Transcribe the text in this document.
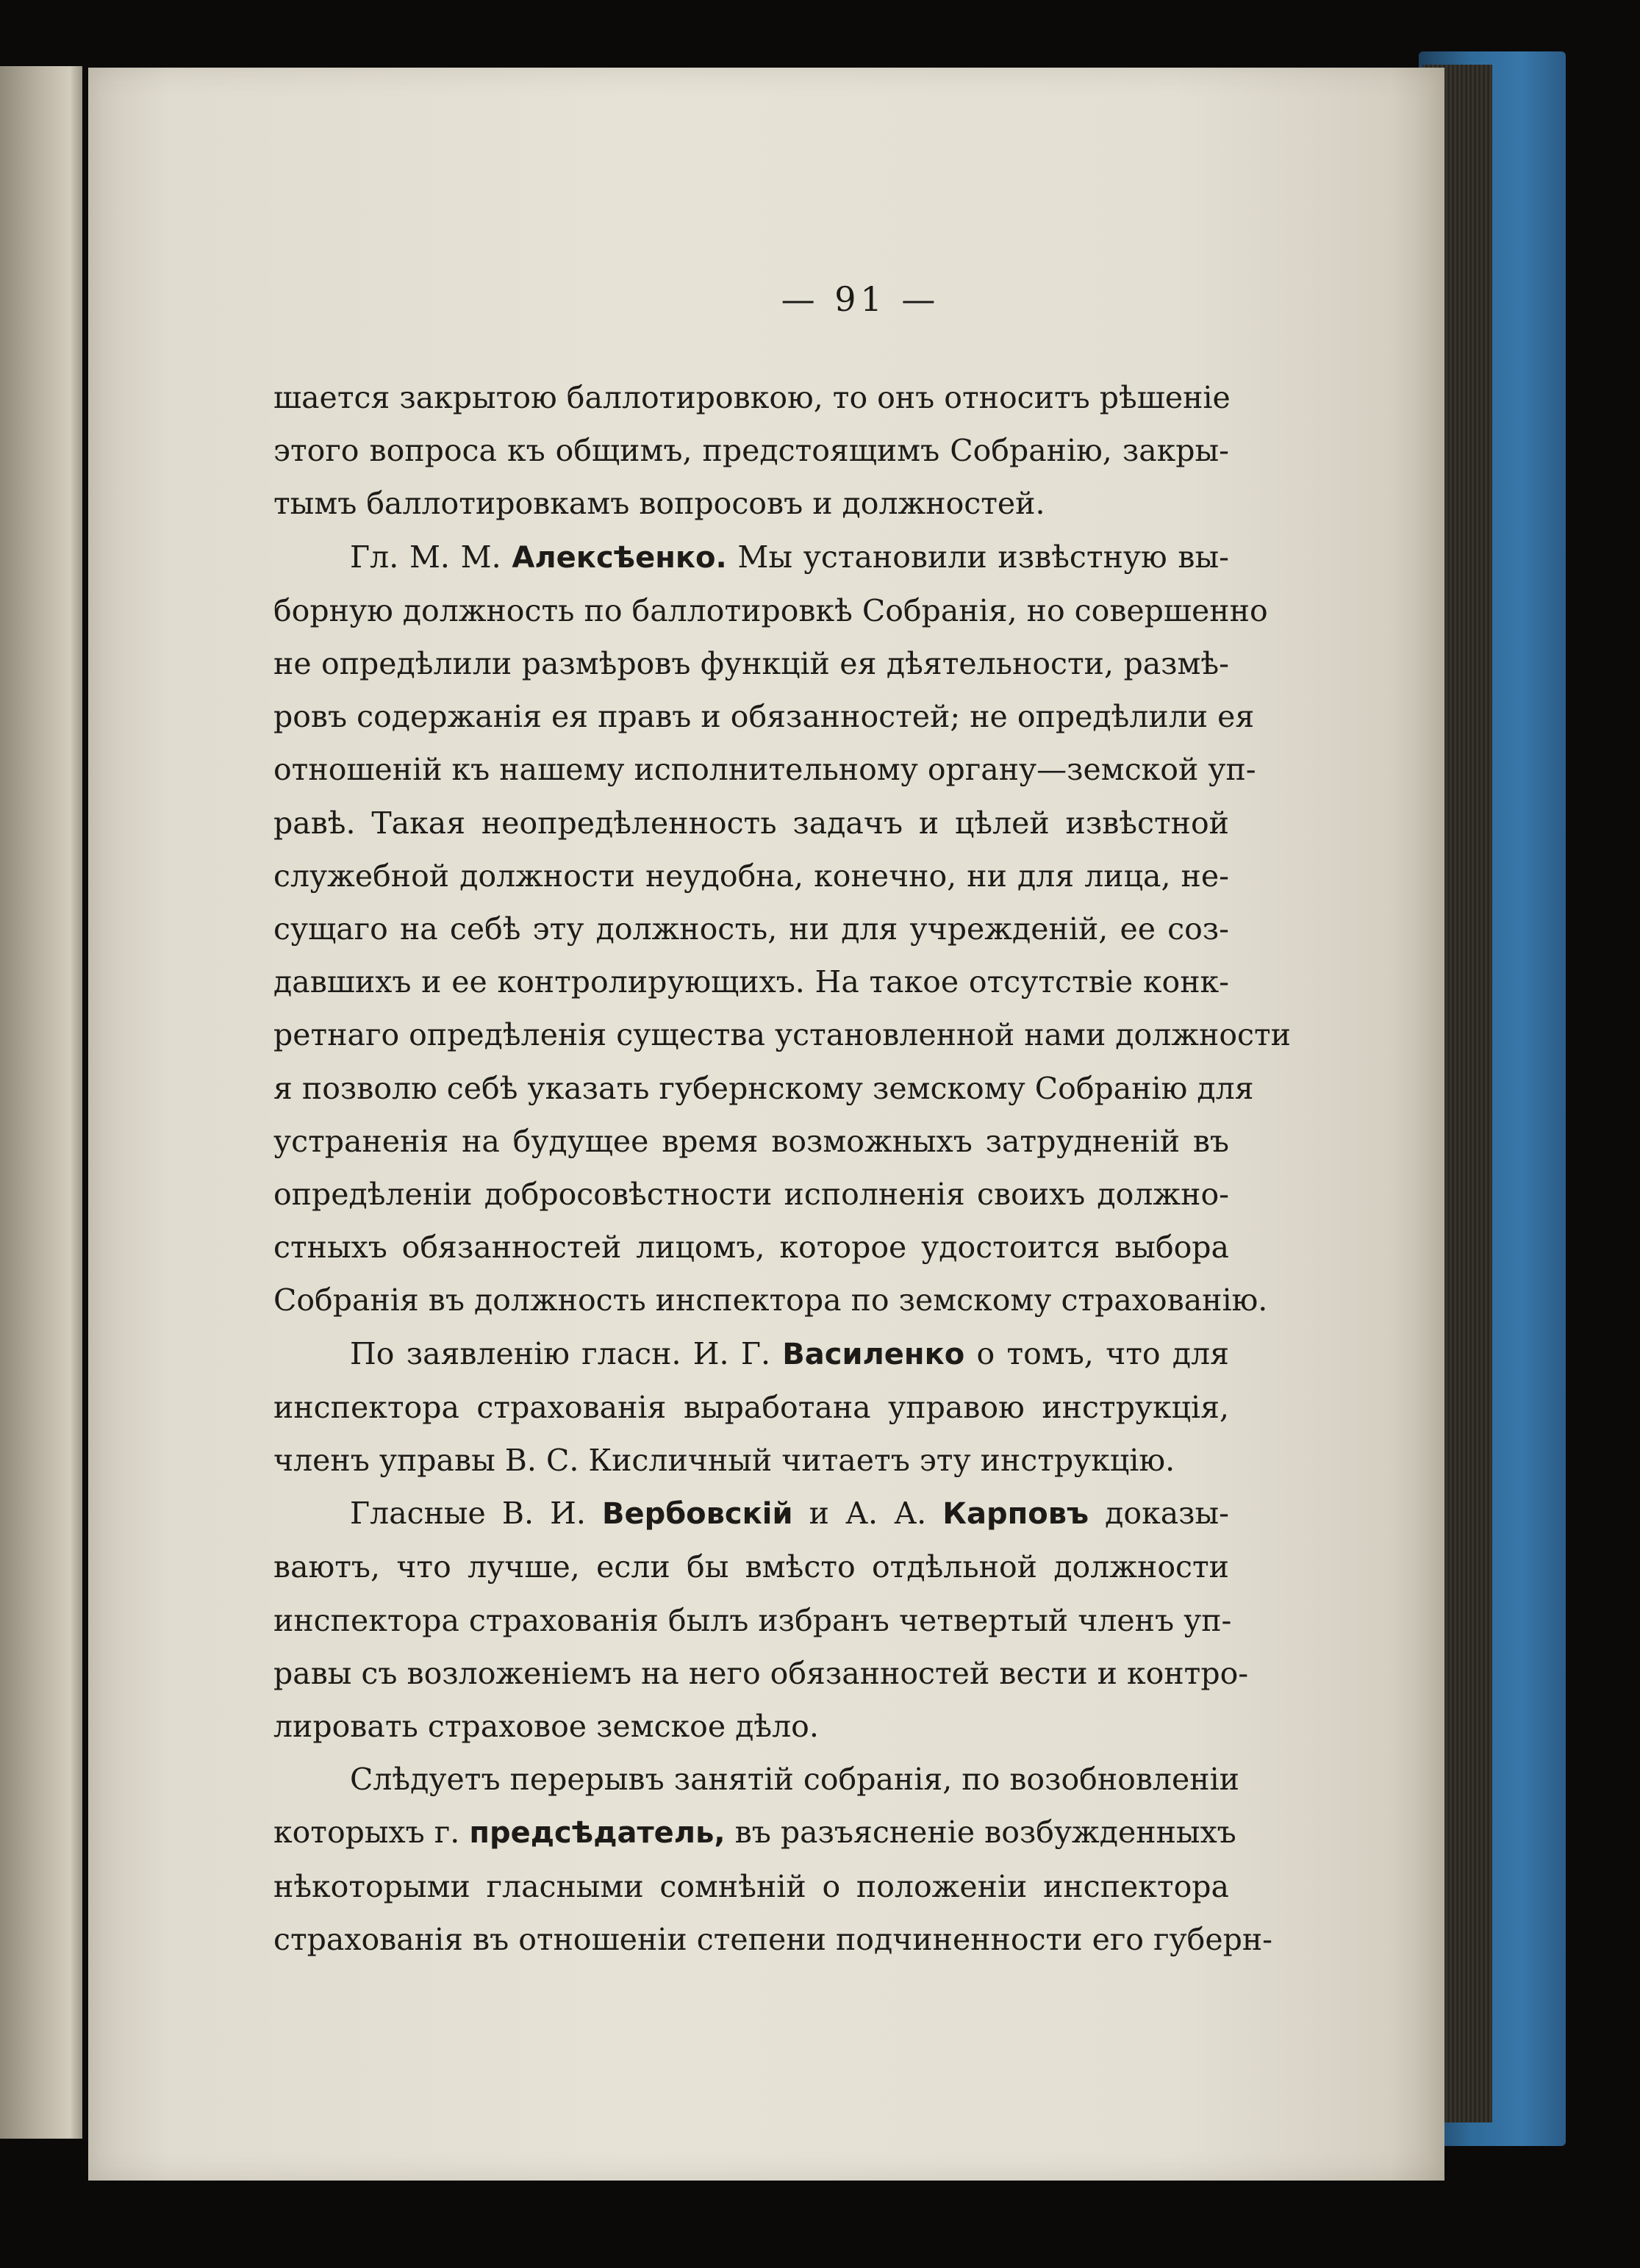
— 91 —

шается закрытою баллотировкою, то онъ относитъ рѣшеніе
этого вопроса къ общимъ, предстоящимъ Собранію, закры-
тымъ баллотировкамъ вопросовъ и должностей.

Гл. М. М. Алексѣенко. Мы установили извѣстную вы-
борную должность по баллотировкѣ Собранія, но совершенно
не опредѣлили размѣровъ функцій ея дѣятельности, размѣ-
ровъ содержанія ея правъ и обязанностей; не опредѣлили ея
отношеній къ нашему исполнительному органу—земской уп-
равѣ. Такая неопредѣленность задачъ и цѣлей извѣстной
служебной должности неудобна, конечно, ни для лица, не-
сущаго на себѣ эту должность, ни для учрежденій, ее соз-
давшихъ и ее контролирующихъ. На такое отсутствіе конк-
ретнаго опредѣленія существа установленной нами должности
я позволю себѣ указать губернскому земскому Собранію для
устраненія на будущее время возможныхъ затрудненій въ
опредѣленіи добросовѣстности исполненія своихъ должно-
стныхъ обязанностей лицомъ, которое удостоится выбора
Собранія въ должность инспектора по земскому страхованію.

По заявленію гласн. И. Г. Василенко о томъ, что для
инспектора страхованія выработана управою инструкція,
членъ управы В. С. Кисличный читаетъ эту инструкцію.

Гласные В. И. Вербовскій и А. А. Карповъ доказы-
ваютъ, что лучше, если бы вмѣсто отдѣльной должности
инспектора страхованія былъ избранъ четвертый членъ уп-
равы съ возложеніемъ на него обязанностей вести и контро-
лировать страховое земское дѣло.

Слѣдуетъ перерывъ занятій собранія, по возобновленіи
которыхъ г. предсѣдатель, въ разъясненіе возбужденныхъ
нѣкоторыми гласными сомнѣній о положеніи инспектора
страхованія въ отношеніи степени подчиненности его губерн-
